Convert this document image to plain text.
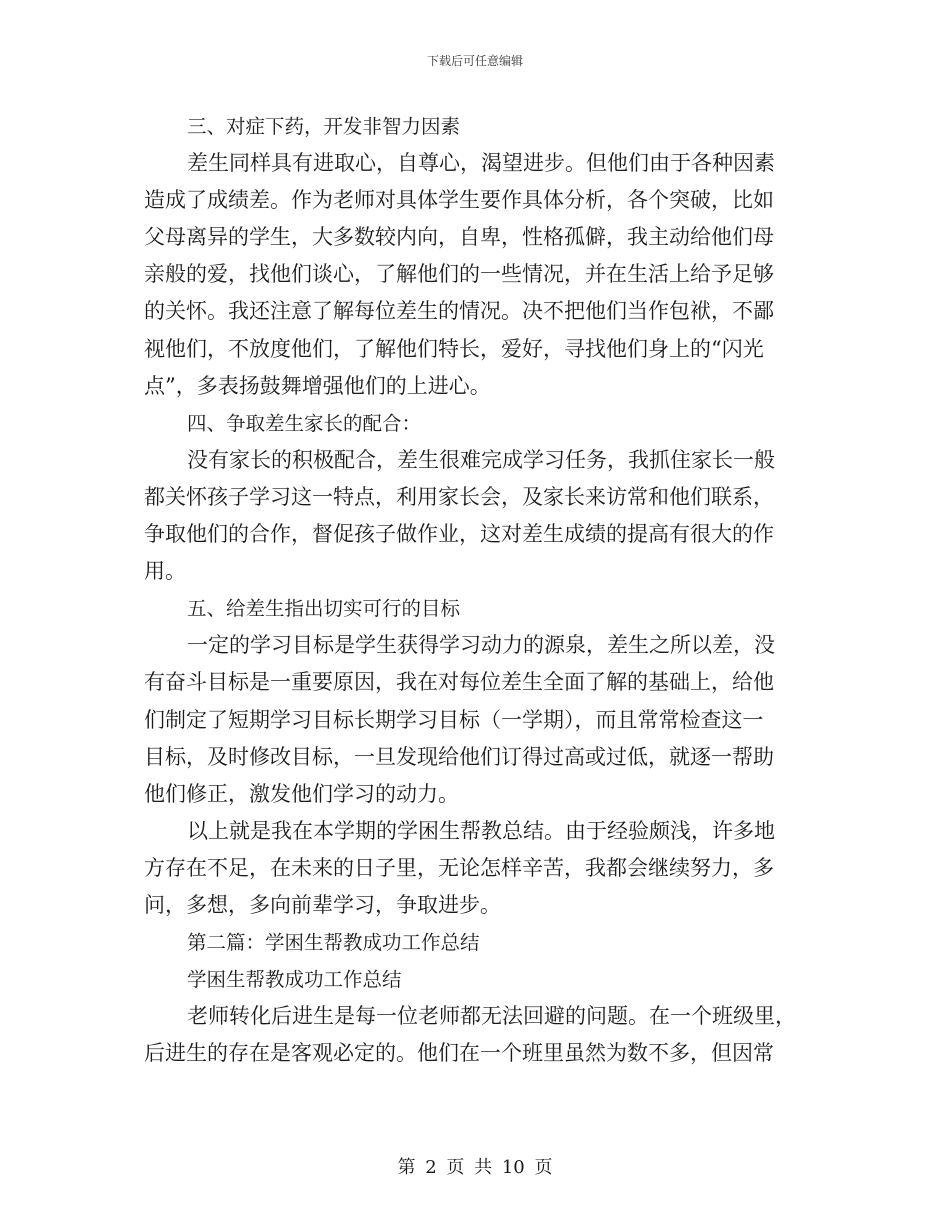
下载后可任意编辑
三、对症下药，开发非智力因素
差生同样具有进取心，自尊心，渴望进步。但他们由于各种因素
造成了成绩差。作为老师对具体学生要作具体分析，各个突破，比如
父母离异的学生，大多数较内向，自卑，性格孤僻，我主动给他们母
亲般的爱，找他们谈心，了解他们的一些情况，并在生活上给予足够
的关怀。我还注意了解每位差生的情况。决不把他们当作包袱，不鄙
视他们，不放度他们，了解他们特长，爱好，寻找他们身上的“闪光
点”，多表扬鼓舞增强他们的上进心。
四、争取差生家长的配合：
没有家长的积极配合，差生很难完成学习任务，我抓住家长一般
都关怀孩子学习这一特点，利用家长会，及家长来访常和他们联系，
争取他们的合作，督促孩子做作业，这对差生成绩的提高有很大的作
用。
五、给差生指出切实可行的目标
一定的学习目标是学生获得学习动力的源泉，差生之所以差，没
有奋斗目标是一重要原因，我在对每位差生全面了解的基础上，给他
们制定了短期学习目标长期学习目标（一学期），而且常常检查这一
目标，及时修改目标，一旦发现给他们订得过高或过低，就逐一帮助
他们修正，激发他们学习的动力。
以上就是我在本学期的学困生帮教总结。由于经验颇浅，许多地
方存在不足，在未来的日子里，无论怎样辛苦，我都会继续努力，多
问，多想，多向前辈学习，争取进步。
第二篇：学困生帮教成功工作总结
学困生帮教成功工作总结
老师转化后进生是每一位老师都无法回避的问题。在一个班级里，
后进生的存在是客观必定的。他们在一个班里虽然为数不多，但因常
第 2 页 共 10 页
